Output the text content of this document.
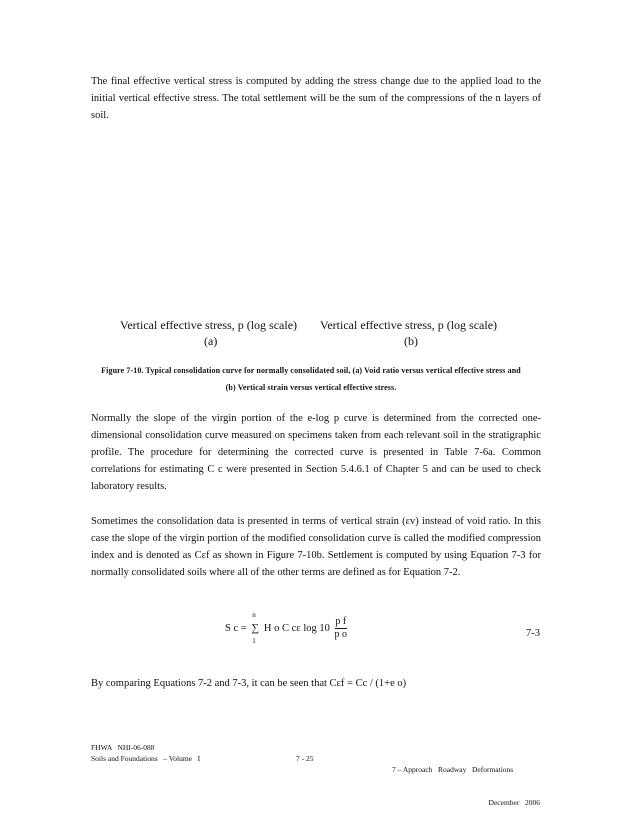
The final effective vertical stress is computed by adding the stress change due to the applied load to the initial vertical effective stress. The total settlement will be the sum of the compressions of the n layers of soil.

Vertical effective stress, p (log scale) Vertical effective stress, p (log scale)
(a)	(b)
Figure 7-10. Typical consolidation curve for normally consolidated soil, (a) Void ratio versus vertical effective stress and (b) Vertical strain versus vertical effective stress.

Normally the slope of the virgin portion of the e-log p curve is determined from the corrected one-dimensional consolidation curve measured on specimens taken from each relevant soil in the stratigraphic profile. The procedure for determining the corrected curve is presented in Table 7-6a. Common correlations for estimating C c were presented in Section 5.4.6.1 of Chapter 5 and can be used to check laboratory results.

Sometimes the consolidation data is presented in terms of vertical strain (εv) instead of void ratio. In this case the slope of the virgin portion of the modified consolidation curve is called the modified compression index and is denoted as Cεf as shown in Figure 7-10b. Settlement is computed by using Equation 7-3 for normally consolidated soils where all of the other terms are defined as for Equation 7-2.

S c =
n
∑
1
H o C cε $\log 10 \frac{\text{p f}}{\text{p o}}$	7-3

By comparing Equations 7-2 and 7-3, it can be seen that Cεf = Cc / (1+e o)

FHWA   NHI-06-088
Soils and Foundations   – Volume   I	7 - 25

7 – Approach   Roadway   Deformations

December   2006
